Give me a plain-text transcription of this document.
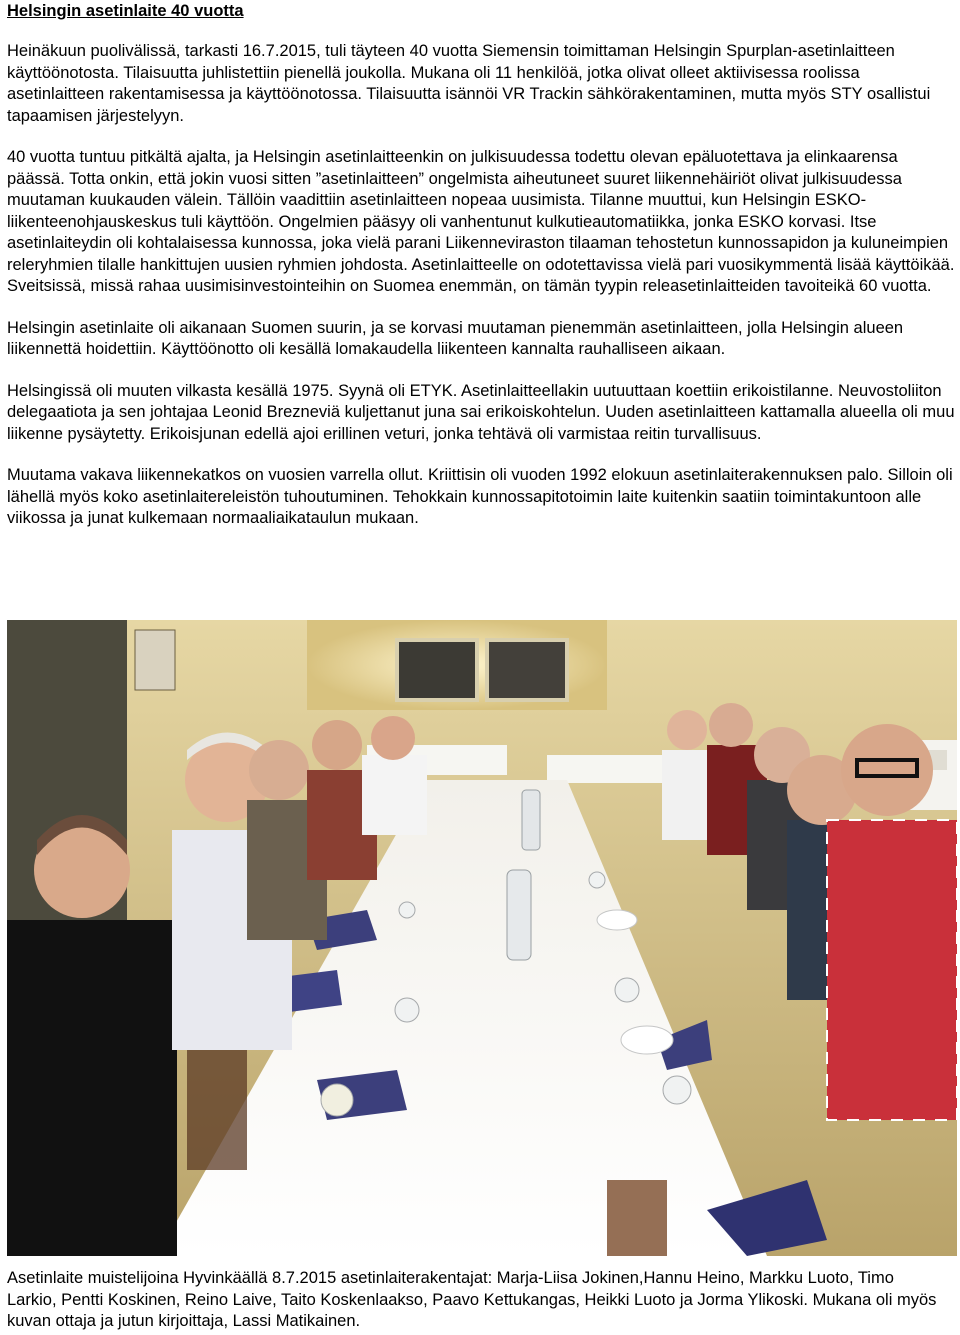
Helsingin asetinlaite 40 vuotta

Heinäkuun puolivälissä, tarkasti 16.7.2015, tuli täyteen 40 vuotta Siemensin toimittaman Helsingin Spurplan-asetinlaitteen käyttöönotosta. Tilaisuutta juhlistettiin pienellä joukolla. Mukana oli 11 henkilöä, jotka olivat olleet aktiivisessa roolissa asetinlaitteen rakentamisessa ja käyttöönotossa. Tilaisuutta isännöi VR Trackin sähkörakentaminen, mutta myös STY osallistui tapaamisen järjestelyyn.

40 vuotta tuntuu pitkältä ajalta, ja Helsingin asetinlaitteenkin on julkisuudessa todettu olevan epäluotettava ja elinkaarensa päässä. Totta onkin, että jokin vuosi sitten ”asetinlaitteen” ongelmista aiheutuneet suuret liikennehäiriöt olivat julkisuudessa muutaman kuukauden välein. Tällöin vaadittiin asetinlaitteen nopeaa uusimista. Tilanne muuttui, kun Helsingin ESKO-liikenteenohjauskeskus tuli käyttöön. Ongelmien pääsyy oli vanhentunut kulkutieautomatiikka, jonka ESKO korvasi. Itse asetinlaiteydin oli kohtalaisessa kunnossa, joka vielä parani Liikenneviraston tilaaman tehostetun kunnossapidon ja kuluneimpien releryhmien tilalle hankittujen uusien ryhmien johdosta. Asetinlaitteelle on odotettavissa vielä pari vuosikymmentä lisää käyttöikää. Sveitsissä, missä rahaa uusimisinvestointeihin on Suomea enemmän, on tämän tyypin releasetinlaitteiden tavoiteikä 60 vuotta.

Helsingin asetinlaite oli aikanaan Suomen suurin, ja se korvasi muutaman pienemmän asetinlaitteen, jolla Helsingin alueen liikennettä hoidettiin. Käyttöönotto oli kesällä lomakaudella liikenteen kannalta rauhalliseen aikaan.

Helsingissä oli muuten vilkasta kesällä 1975. Syynä oli ETYK. Asetinlaitteellakin uutuuttaan koettiin erikoistilanne. Neuvostoliiton delegaatiota ja sen johtajaa Leonid Brezneviä kuljettanut juna sai erikoiskohtelun. Uuden asetinlaitteen kattamalla alueella oli muu liikenne pysäytetty. Erikoisjunan edellä ajoi erillinen veturi, jonka tehtävä oli varmistaa reitin turvallisuus.

Muutama vakava liikennekatkos on vuosien varrella ollut. Kriittisin oli vuoden 1992 elokuun asetinlaiterakennuksen palo. Silloin oli lähellä myös koko asetinlaitereleistön tuhoutuminen. Tehokkain kunnossapitotoimin laite kuitenkin saatiin toimintakuntoon alle viikossa ja junat kulkemaan normaaliaikataulun mukaan.

Asetinlaite muistelijoina Hyvinkäällä 8.7.2015 asetinlaiterakentajat: Marja-Liisa Jokinen,Hannu Heino, Markku Luoto, Timo Larkio, Pentti Koskinen, Reino Laive, Taito Koskenlaakso, Paavo Kettukangas, Heikki Luoto ja Jorma Ylikoski. Mukana oli myös kuvan ottaja ja jutun kirjoittaja, Lassi Matikainen.
